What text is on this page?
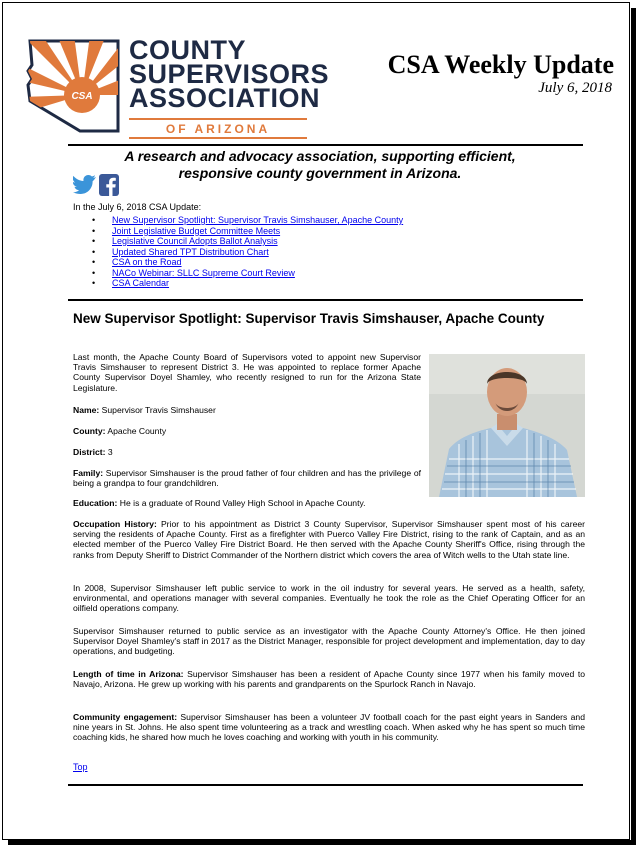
CSA
COUNTY
SUPERVISORS
ASSOCIATION
OF ARIZONA
CSA Weekly Update
July 6, 2018
A research and advocacy association, supporting efficient, responsive county government in Arizona.
In the July 6, 2018 CSA Update:
• New Supervisor Spotlight: Supervisor Travis Simshauser, Apache County
• Joint Legislative Budget Committee Meets
• Legislative Council Adopts Ballot Analysis
• Updated Shared TPT Distribution Chart
• CSA on the Road
• NACo Webinar: SLLC Supreme Court Review
• CSA Calendar
New Supervisor Spotlight: Supervisor Travis Simshauser, Apache County
Last month, the Apache County Board of Supervisors voted to appoint new Supervisor Travis Simshauser to represent District 3. He was appointed to replace former Apache County Supervisor Doyel Shamley, who recently resigned to run for the Arizona State Legislature.
Name: Supervisor Travis Simshauser
County: Apache County
District: 3
Family: Supervisor Simshauser is the proud father of four children and has the privilege of being a grandpa to four grandchildren.
Education: He is a graduate of Round Valley High School in Apache County.
Occupation History: Prior to his appointment as District 3 County Supervisor, Supervisor Simshauser spent most of his career serving the residents of Apache County. First as a firefighter with Puerco Valley Fire District, rising to the rank of Captain, and as an elected member of the Puerco Valley Fire District Board. He then served with the Apache County Sheriff's Office, rising through the ranks from Deputy Sheriff to District Commander of the Northern district which covers the area of Witch wells to the Utah state line.
In 2008, Supervisor Simshauser left public service to work in the oil industry for several years. He served as a health, safety, environmental, and operations manager with several companies. Eventually he took the role as the Chief Operating Officer for an oilfield operations company.
Supervisor Simshauser returned to public service as an investigator with the Apache County Attorney's Office. He then joined Supervisor Doyel Shamley's staff in 2017 as the District Manager, responsible for project development and implementation, day to day operations, and budgeting.
Length of time in Arizona: Supervisor Simshauser has been a resident of Apache County since 1977 when his family moved to Navajo, Arizona. He grew up working with his parents and grandparents on the Spurlock Ranch in Navajo.
Community engagement: Supervisor Simshauser has been a volunteer JV football coach for the past eight years in Sanders and nine years in St. Johns. He also spent time volunteering as a track and wrestling coach. When asked why he has spent so much time coaching kids, he shared how much he loves coaching and working with youth in his community.
Top
